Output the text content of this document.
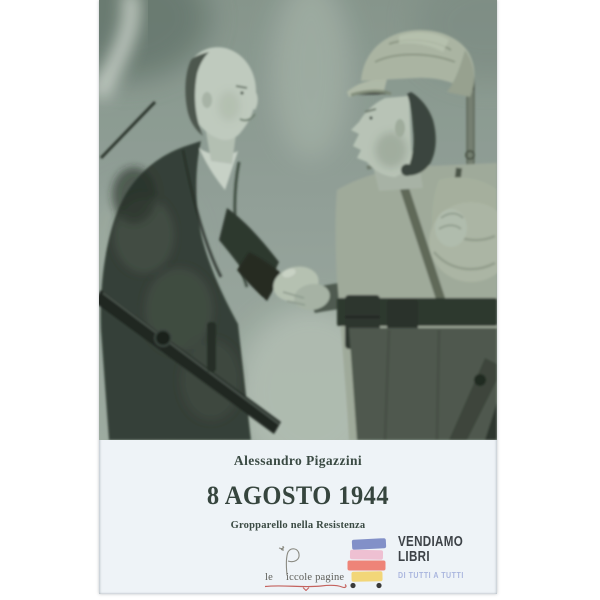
Alessandro Pigazzini
8 AGOSTO 1944
Gropparello nella Resistenza
le iccole pagine
VENDIAMO
LIBRI
DI TUTTI A TUTTI
